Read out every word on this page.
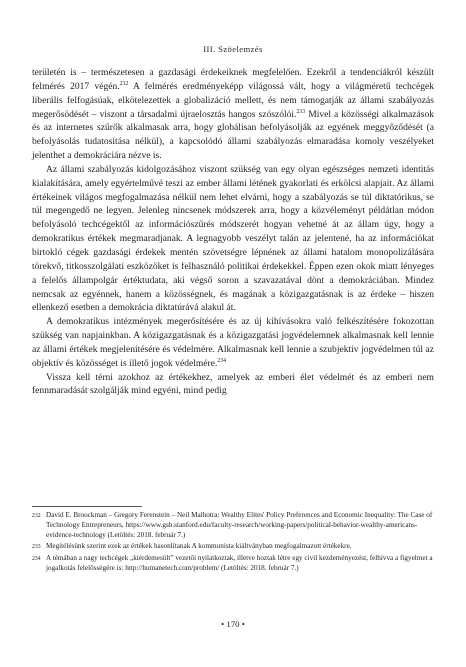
III. Szöelemzés

területén is – természetesen a gazdasági érdekeiknek megfelelően. Ezekről a tendenciákról készült felmérés 2017 végén.$^{232}$ A felmérés eredményeképp világossá vált, hogy a világméretű techcégek liberális felfogásúak, elkötelezettek a globalizáció mellett, és nem támogatják az állami szabályozás megerősödését – viszont a társadalmi újraelosztás hangos szószólói.$^{233}$ Mivel a közösségi alkalmazások és az internetes szűrők alkalmasak arra, hogy globálisan befolyásolják az egyének meggyőződését (a befolyásolás tudatosítása nélkül), a kapcsolódó állami szabályozás elmaradása komoly veszélyeket jelenthet a demokráciára nézve is.

Az állami szabályozás kidolgozásához viszont szükség van egy olyan egészséges nemzeti identitás kialakítására, amely egyértelművé teszi az ember állami létének gyakorlati és erkölcsi alapjait. Az állami értékeinek világos megfogalmazása nélkül nem lehet elvárni, hogy a szabályozás se túl diktatórikus, se túl megengedő ne legyen. Jelenleg nincsenek módszerek arra, hogy a közvéleményt példátlan módon befolyásoló techcégektől az információszűrés módszerét hogyan vehetné át az állam úgy, hogy a demokratikus értékek megmaradjanak. A legnagyobb veszélyt talán az jelentené, ha az információkat birtokló cégek gazdasági érdekek mentén szövetségre lépnének az állami hatalom monopolizálására törekvő, titkosszolgálati eszközöket is felhasználó politikai érdekekkel. Éppen ezen okok miatt lényeges a felelős állampolgár értéktudata, aki végső soron a szavazatával dönt a demokráciában. Mindez nemcsak az egyénnek, hanem a közösségnek, és magának a közigazgatásnak is az érdeke – hiszen ellenkező esetben a demokrácia diktatúrává alakul át.

A demokratikus intézmények megerősítésére és az új kihívásokra való felkészítésére fokozottan szükség van napjainkban. A közigazgatásnak és a közigazgatási jogvédelemnek alkalmasnak kell lennie az állami értékek megjelenítésére és védelmére. Alkalmasnak kell lennie a szubjektív jogvédelmen túl az objektív és közösséget is illető jogok védelmére.$^{234}$

Vissza kell térni azokhoz az értékekhez, amelyek az emberi élet védelmét és az emberi nem fennmaradását szolgálják mind egyéni, mind pedig

232 David E. Broockman – Gregory Ferenstein – Neil Malhotra: Wealthy Elites' Policy Preferences and Economic Inequality: The Case of Technology Entrepreneurs, https://www.gsb.stanford.edu/faculty-research/working-papers/political-behavior-wealthy-americans-evidence-technology (Letöltés: 2018. február 7.)
233 Megítélésünk szerint ezek az értékek hasonlítanak A kommunista kiáltványban megfogalmazott értékekre.
234 A témában a nagy techcégek „kiérdemesült” vezetői nyilatkoztak, illetve hoztak létre egy civil kezdeményezést, felhívva a figyelmet a jogalkotás felelősségére is: http://humanetech.com/problem/ (Letöltés: 2018. február 7.)
• 170 •
